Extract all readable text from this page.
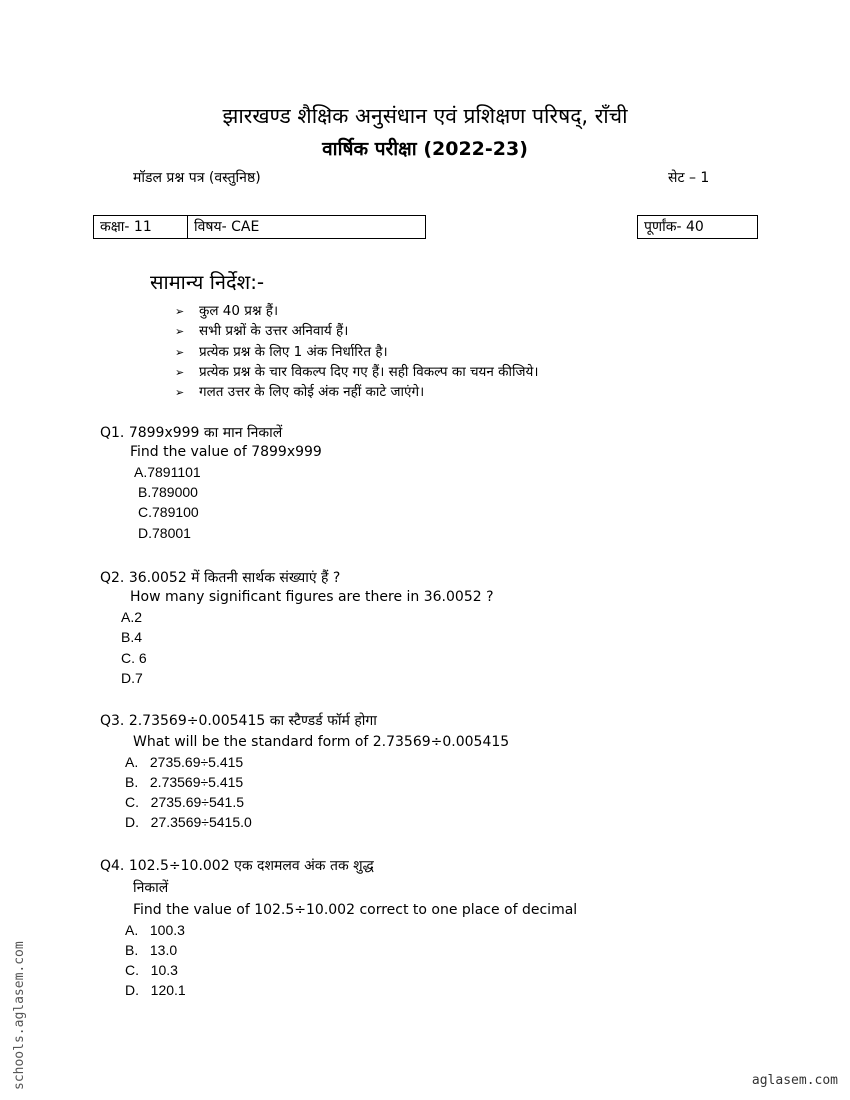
झारखण्ड शैक्षिक अनुसंधान एवं प्रशिक्षण परिषद्, राँची
वार्षिक परीक्षा (2022-23)
मॉडल प्रश्न पत्र (वस्तुनिष्ठ)	सेट – 1
कक्षा- 11	विषय- CAE	पूर्णांक- 40
सामान्य निर्देश:-
➢ कुल 40 प्रश्न हैं।
➢ सभी प्रश्नों के उत्तर अनिवार्य हैं।
➢ प्रत्येक प्रश्न के लिए 1 अंक निर्धारित है।
➢ प्रत्येक प्रश्न के चार विकल्प दिए गए हैं। सही विकल्प का चयन कीजिये।
➢ गलत उत्तर के लिए कोई अंक नहीं काटे जाएंगे।
Q1. 7899x999 का मान निकालें
Find the value of 7899x999
A.7891101
B.789000
C.789100
D.78001
Q2. 36.0052 में कितनी सार्थक संख्याएं हैं ?
How many significant figures are there in 36.0052 ?
A.2
B.4
C. 6
D.7
Q3. 2.73569÷0.005415 का स्टैण्डर्ड फॉर्म होगा
What will be the standard form of 2.73569÷0.005415
A.   2735.69÷5.415
B.   2.73569÷5.415
C.   2735.69÷541.5
D.   27.3569÷5415.0
Q4. 102.5÷10.002 एक दशमलव अंक तक शुद्ध
निकालें
Find the value of 102.5÷10.002 correct to one place of decimal
A.   100.3
B.   13.0
C.   10.3
D.   120.1
schools.aglasem.com	aglasem.com
